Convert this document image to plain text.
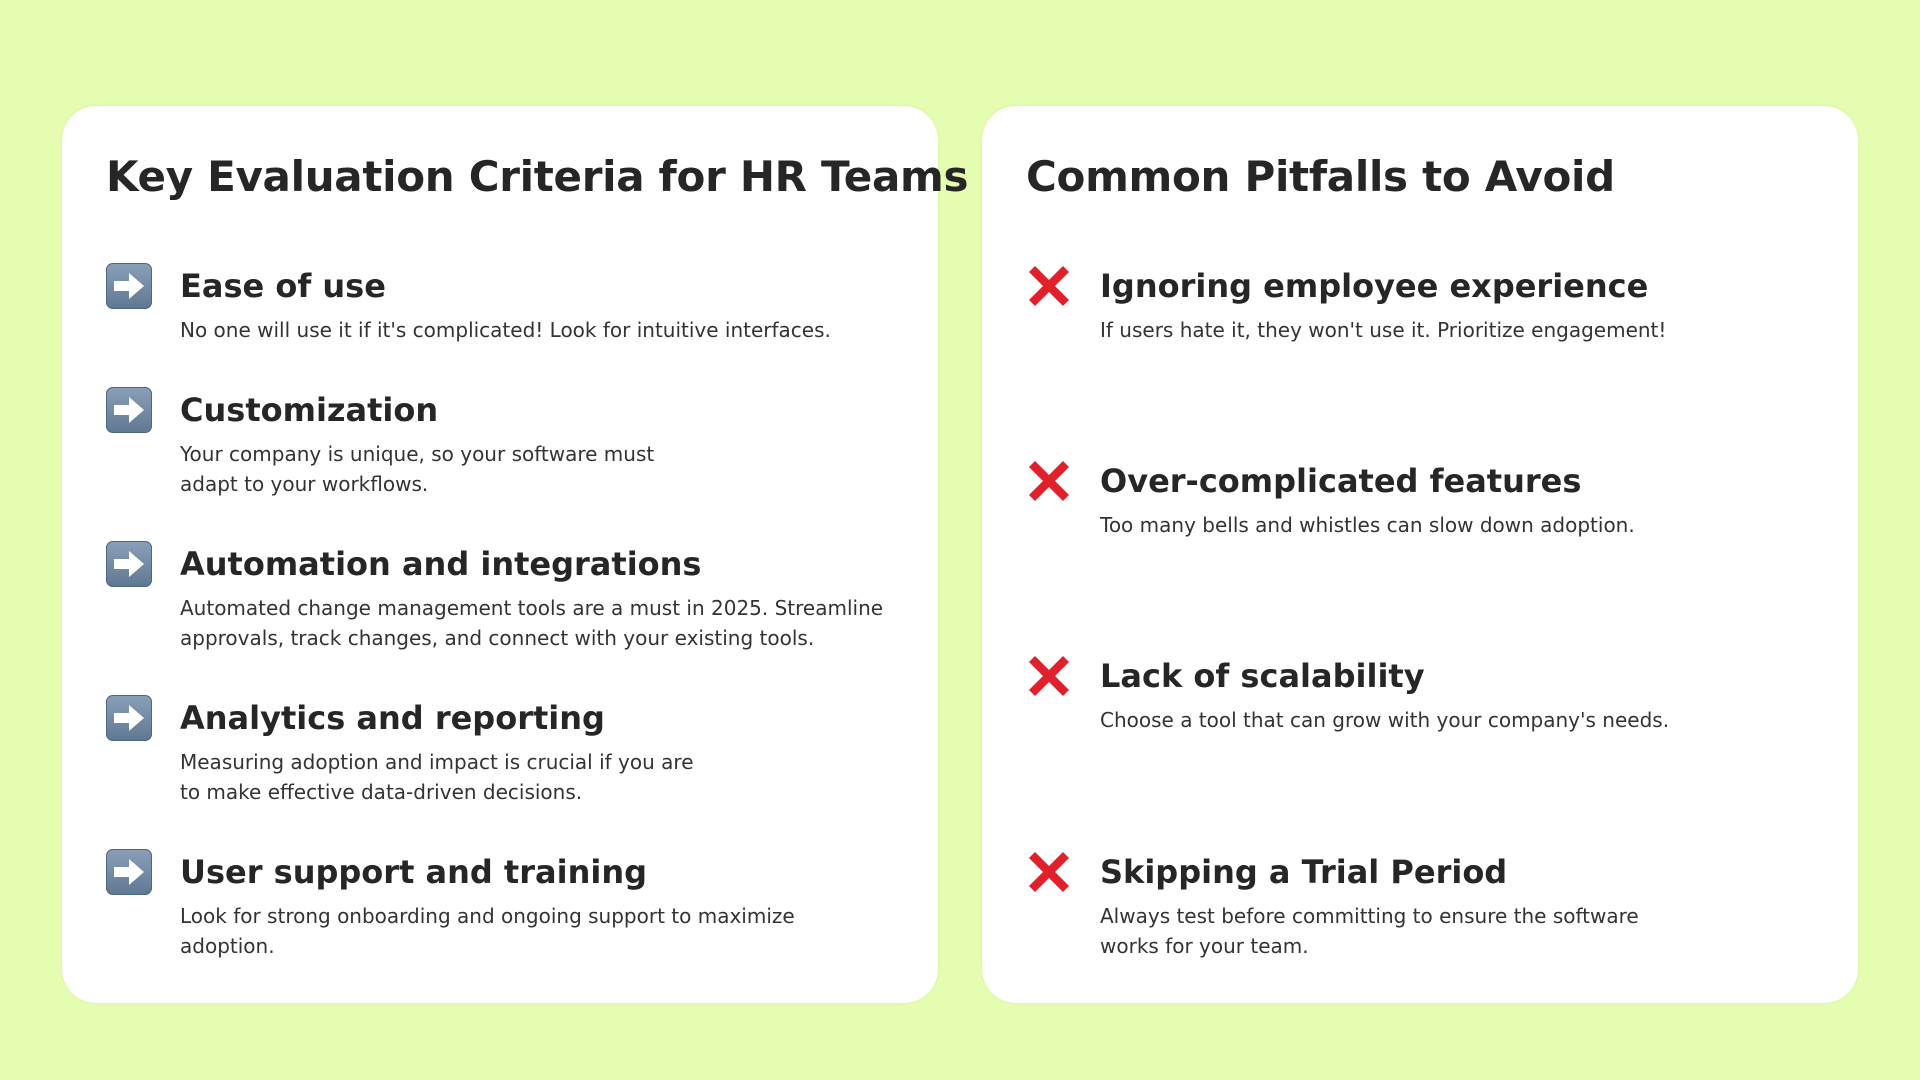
Key Evaluation Criteria for HR Teams
Ease of use

No one will use it if it's complicated! Look for intuitive interfaces.

Customization

Your company is unique, so your software must
adapt to your workflows.

Automation and integrations

Automated change management tools are a must in 2025. Streamline
approvals, track changes, and connect with your existing tools.

Analytics and reporting

Measuring adoption and impact is crucial if you are
to make effective data-driven decisions.

User support and training

Look for strong onboarding and ongoing support to maximize
adoption.

Common Pitfalls to Avoid
Ignoring employee experience

If users hate it, they won't use it. Prioritize engagement!

Over-complicated features

Too many bells and whistles can slow down adoption.

Lack of scalability

Choose a tool that can grow with your company's needs.

Skipping a Trial Period

Always test before committing to ensure the software
works for your team.
